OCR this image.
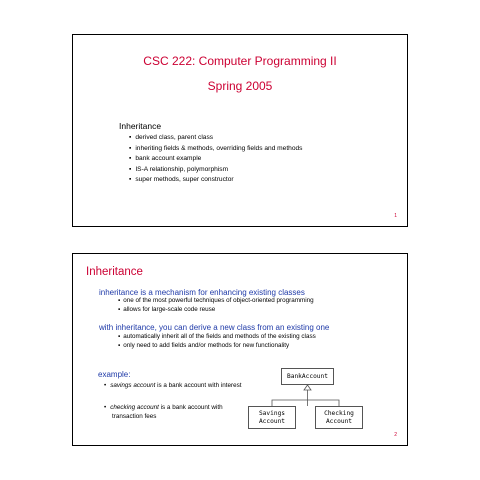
CSC 222: Computer Programming II
Spring 2005
Inheritance
▪ derived class, parent class
▪ inheriting fields & methods, overriding fields and methods
▪ bank account example
▪ IS-A relationship, polymorphism
▪ super methods, super constructor
1
Inheritance
inheritance is a mechanism for enhancing existing classes
▪ one of the most powerful techniques of object-oriented programming
▪ allows for large-scale code reuse
with inheritance, you can derive a new class from an existing one
▪ automatically inherit all of the fields and methods of the existing class
▪ only need to add fields and/or methods for new functionality
example:
• savings account is a bank account with interest
• checking account is a bank account with transaction fees
BankAccount
Savings
Account
Checking
Account
2
